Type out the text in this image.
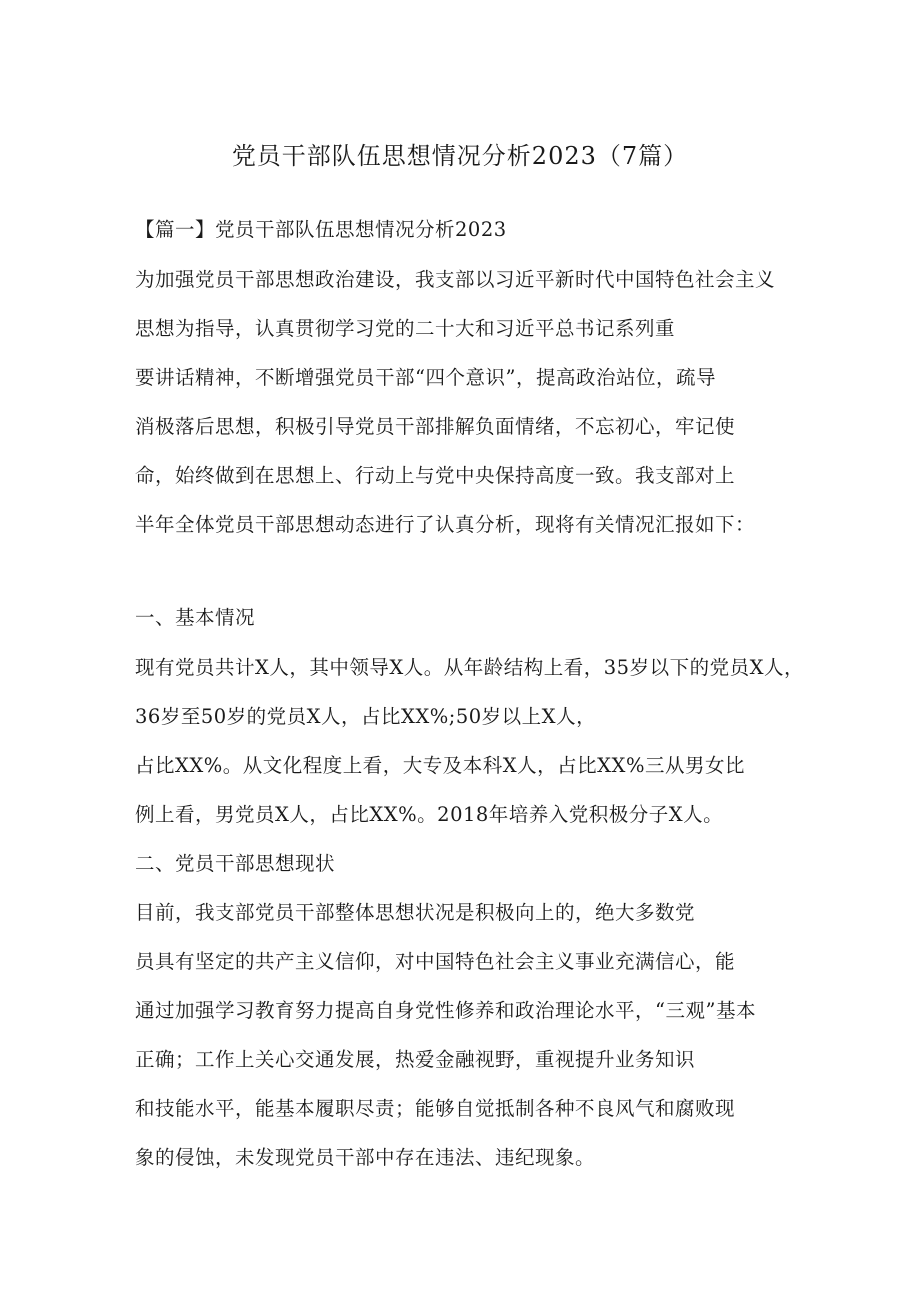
党员干部队伍思想情况分析2023（7篇）
【篇一】党员干部队伍思想情况分析2023
为加强党员干部思想政治建设，我支部以习近平新时代中国特色社会主义
思想为指导，认真贯彻学习党的二十大和习近平总书记系列重
要讲话精神，不断增强党员干部“四个意识”，提高政治站位，疏导
消极落后思想，积极引导党员干部排解负面情绪，不忘初心，牢记使
命，始终做到在思想上、行动上与党中央保持高度一致。我支部对上
半年全体党员干部思想动态进行了认真分析，现将有关情况汇报如下：
一、基本情况
现有党员共计X人，其中领导X人。从年龄结构上看，35岁以下的党员X人，
36岁至50岁的党员X人，占比XX%;50岁以上X人，
占比XX%。从文化程度上看，大专及本科X人，占比XX%三从男女比
例上看，男党员X人，占比XX%。2018年培养入党积极分子X人。
二、党员干部思想现状
目前，我支部党员干部整体思想状况是积极向上的，绝大多数党
员具有坚定的共产主义信仰，对中国特色社会主义事业充满信心，能
通过加强学习教育努力提高自身党性修养和政治理论水平，“三观”基本
正确；工作上关心交通发展，热爱金融视野，重视提升业务知识
和技能水平，能基本履职尽责；能够自觉抵制各种不良风气和腐败现
象的侵蚀，未发现党员干部中存在违法、违纪现象。
